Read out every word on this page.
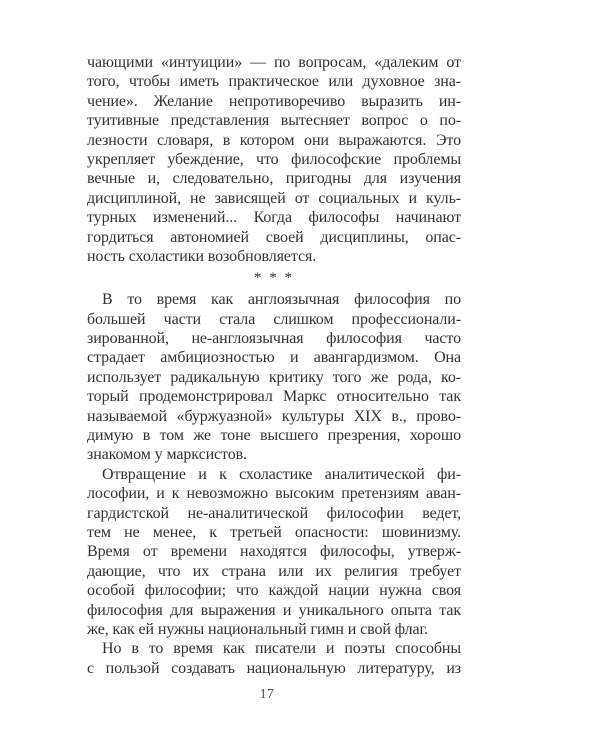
чающими «интуиции» — по вопросам, «далеким от
того, чтобы иметь практическое или духовное зна-
чение». Желание непротиворечиво выразить ин-
туитивные представления вытесняет вопрос о по-
лезности словаря, в котором они выражаются. Это
укрепляет убеждение, что философские проблемы
вечные и, следовательно, пригодны для изучения
дисциплиной, не зависящей от социальных и куль-
турных изменений... Когда философы начинают
гордиться автономией своей дисциплины, опас-
ность схоластики возобновляется.
* * *
В то время как англоязычная философия по
большей части стала слишком профессионали-
зированной, не-англоязычная философия часто
страдает амбициозностью и авангардизмом. Она
использует радикальную критику того же рода, ко-
торый продемонстрировал Маркс относительно так
называемой «буржуазной» культуры XIX в., прово-
димую в том же тоне высшего презрения, хорошо
знакомом у марксистов.
Отвращение и к схоластике аналитической фи-
лософии, и к невозможно высоким претензиям аван-
гардистской не-аналитической философии ведет,
тем не менее, к третьей опасности: шовинизму.
Время от времени находятся философы, утверж-
дающие, что их страна или их религия требует
особой философии; что каждой нации нужна своя
философия для выражения и уникального опыта так
же, как ей нужны национальный гимн и свой флаг.
Но в то время как писатели и поэты способны
с пользой создавать национальную литературу, из
17
